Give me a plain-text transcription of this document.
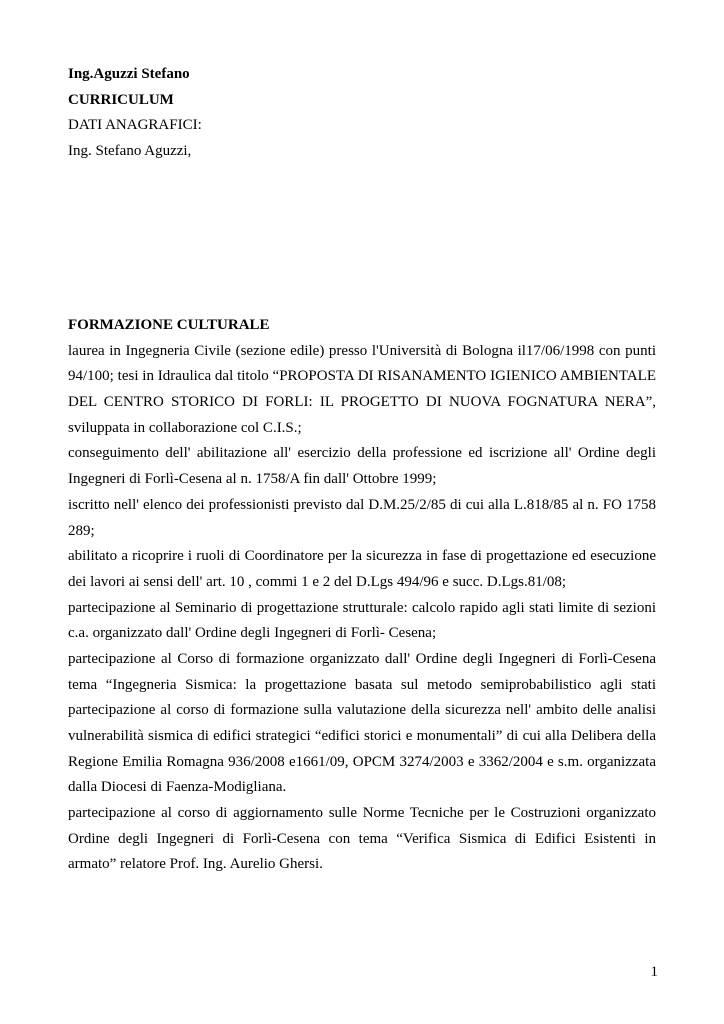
Ing.Aguzzi Stefano
CURRICULUM
DATI ANAGRAFICI:
Ing. Stefano Aguzzi,
FORMAZIONE CULTURALE
laurea in Ingegneria Civile (sezione edile) presso l'Università di Bologna il17/06/1998 con punti
94/100; tesi in Idraulica dal titolo “PROPOSTA DI RISANAMENTO IGIENICO AMBIENTALE
DEL CENTRO STORICO DI FORLI: IL PROGETTO DI NUOVA FOGNATURA NERA”,
sviluppata in collaborazione col C.I.S.;
conseguimento dell' abilitazione all' esercizio della professione ed iscrizione all' Ordine degli
Ingegneri di Forlì-Cesena al n. 1758/A fin dall' Ottobre 1999;
iscritto nell' elenco dei professionisti previsto dal D.M.25/2/85 di cui alla L.818/85 al n. FO 1758
289;
abilitato a ricoprire i ruoli di Coordinatore per la sicurezza in fase di progettazione ed esecuzione
dei lavori ai sensi dell' art. 10 , commi 1 e 2 del D.Lgs 494/96 e succ. D.Lgs.81/08;
partecipazione al Seminario di progettazione strutturale: calcolo rapido agli stati limite di sezioni
c.a. organizzato dall' Ordine degli Ingegneri di Forlì- Cesena;
partecipazione al Corso di formazione organizzato dall' Ordine degli Ingegneri di Forlì-Cesena
tema “Ingegneria Sismica: la progettazione basata sul metodo semiprobabilistico agli stati
partecipazione al corso di formazione sulla valutazione della sicurezza nell' ambito delle analisi
vulnerabilità sismica di edifici strategici “edifici storici e monumentali” di cui alla Delibera della
Regione Emilia Romagna 936/2008 e1661/09, OPCM 3274/2003 e 3362/2004 e s.m. organizzata
dalla Diocesi di Faenza-Modigliana.
partecipazione al corso di aggiornamento sulle Norme Tecniche per le Costruzioni organizzato
Ordine degli Ingegneri di Forlì-Cesena con tema “Verifica Sismica di Edifici Esistenti in
armato” relatore Prof. Ing. Aurelio Ghersi.
1
